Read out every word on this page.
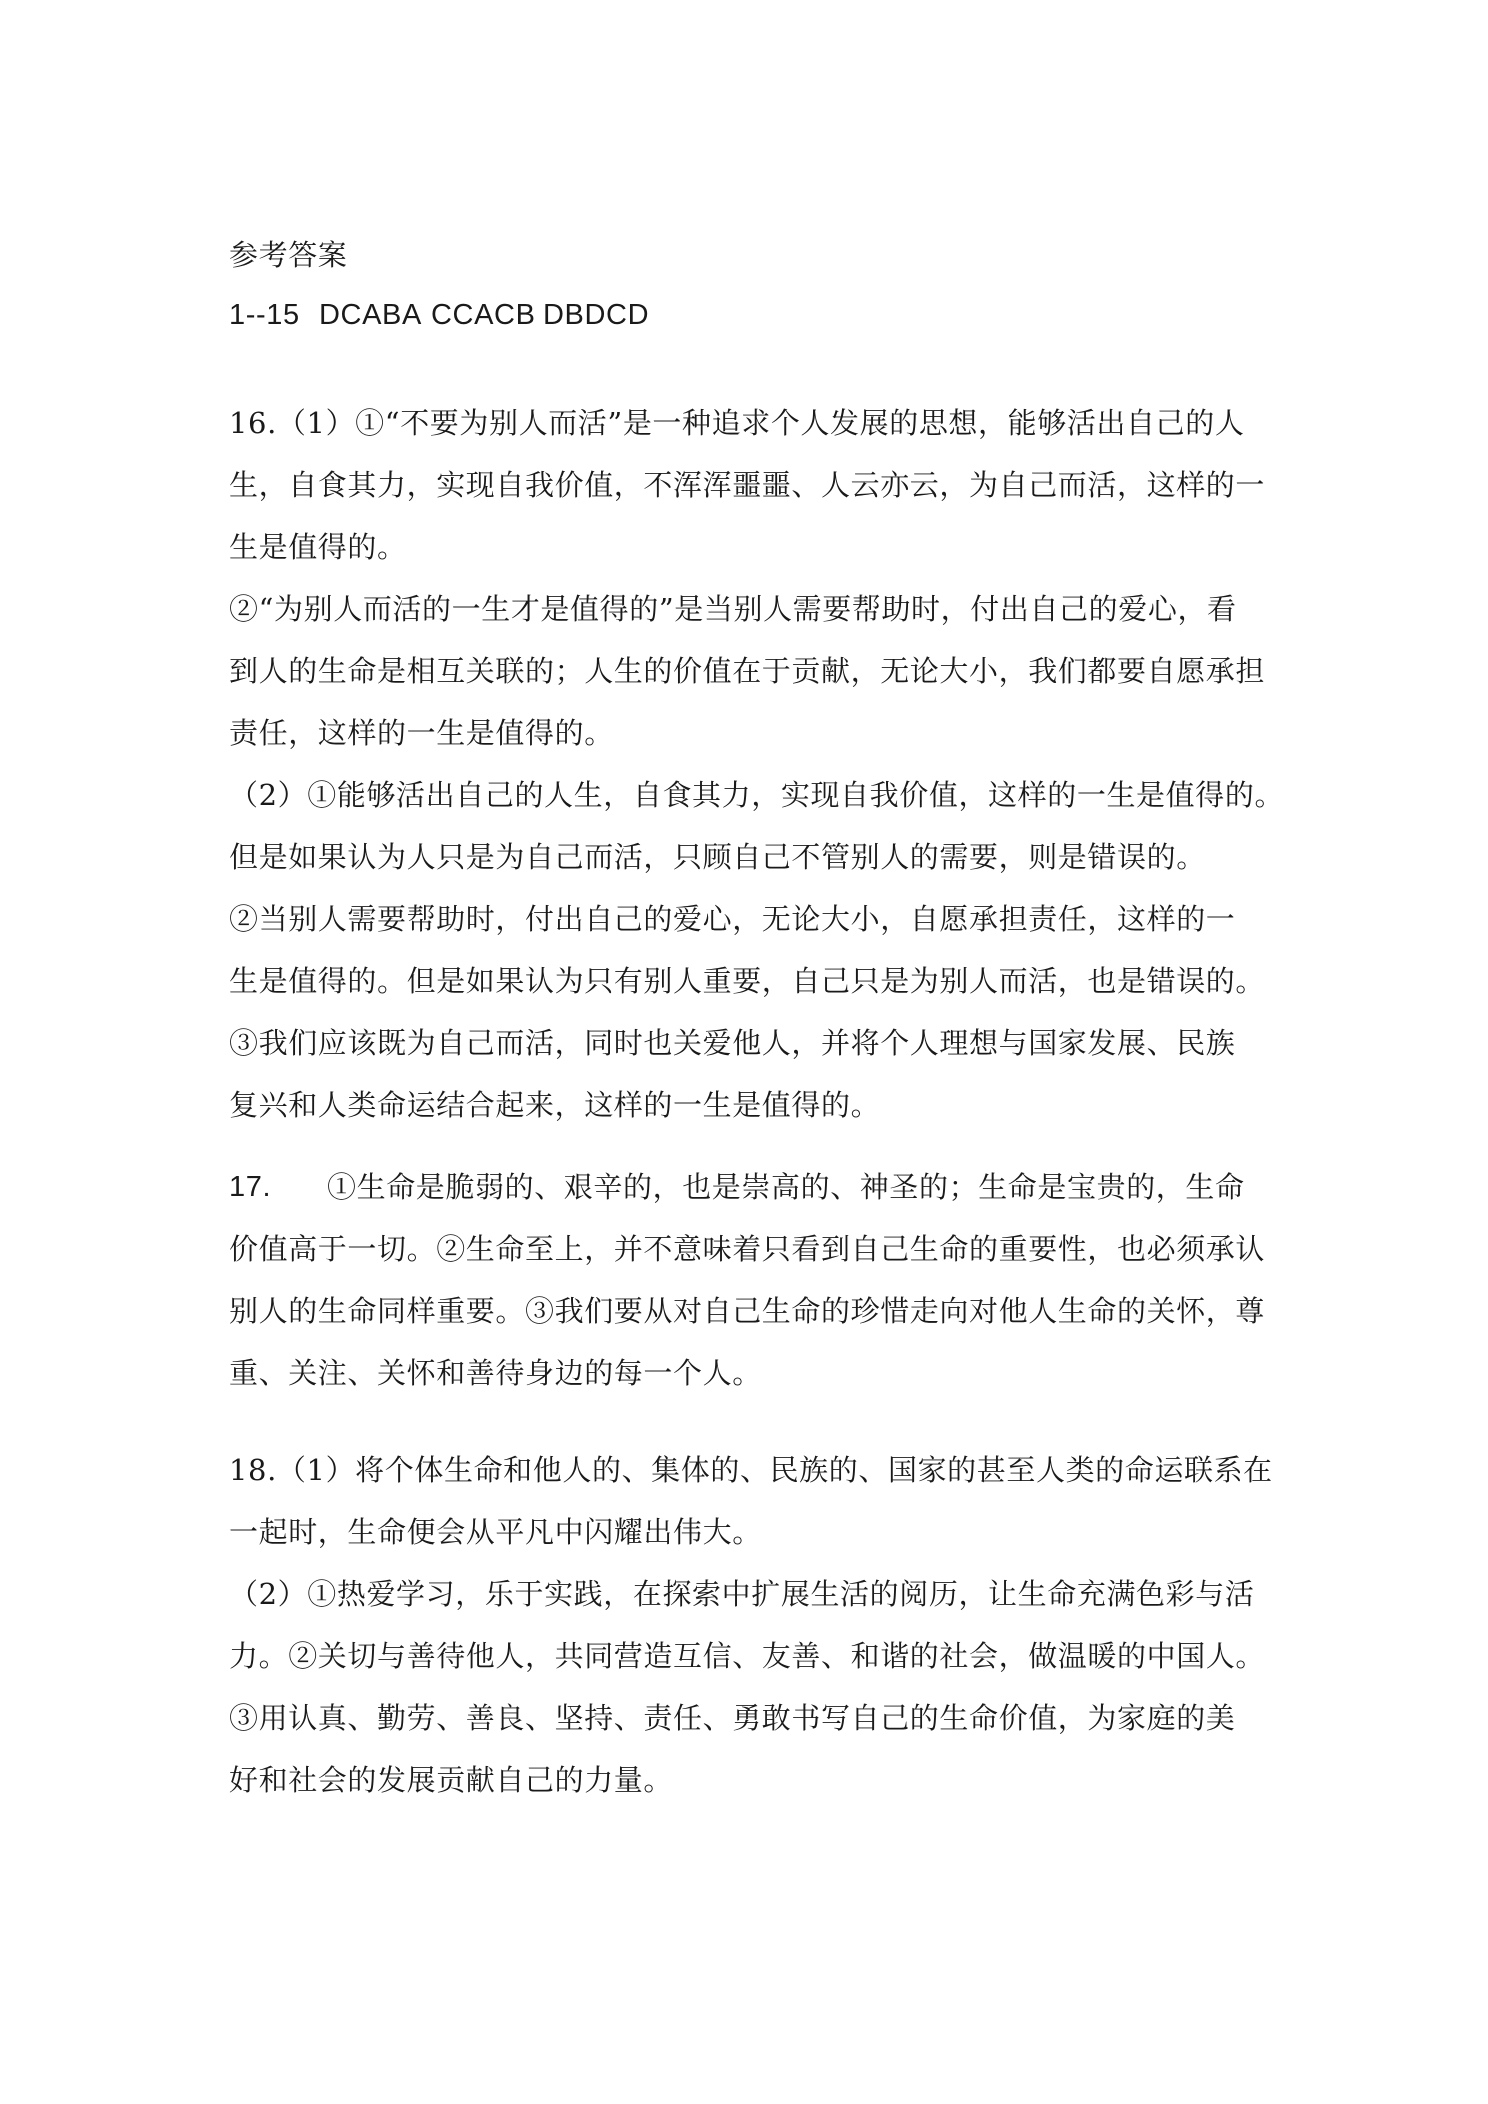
参考答案
1--15 DCABA CCACB DBDCD
16.（1）①“不要为别人而活”是一种追求个人发展的思想，能够活出自己的人
生，自食其力，实现自我价值，不浑浑噩噩、人云亦云，为自己而活，这样的一
生是值得的。
②“为别人而活的一生才是值得的”是当别人需要帮助时，付出自己的爱心，看
到人的生命是相互关联的；人生的价值在于贡献，无论大小，我们都要自愿承担
责任，这样的一生是值得的。
（2）①能够活出自己的人生，自食其力，实现自我价值，这样的一生是值得的。
但是如果认为人只是为自己而活，只顾自己不管别人的需要，则是错误的。
②当别人需要帮助时，付出自己的爱心，无论大小，自愿承担责任，这样的一
生是值得的。但是如果认为只有别人重要，自己只是为别人而活，也是错误的。
③我们应该既为自己而活，同时也关爱他人，并将个人理想与国家发展、民族
复兴和人类命运结合起来，这样的一生是值得的。
17. ①生命是脆弱的、艰辛的，也是崇高的、神圣的；生命是宝贵的，生命
价值高于一切。②生命至上，并不意味着只看到自己生命的重要性，也必须承认
别人的生命同样重要。③我们要从对自己生命的珍惜走向对他人生命的关怀，尊
重、关注、关怀和善待身边的每一个人。
18.（1）将个体生命和他人的、集体的、民族的、国家的甚至人类的命运联系在
一起时，生命便会从平凡中闪耀出伟大。
（2）①热爱学习，乐于实践，在探索中扩展生活的阅历，让生命充满色彩与活
力。②关切与善待他人，共同营造互信、友善、和谐的社会，做温暖的中国人。
③用认真、勤劳、善良、坚持、责任、勇敢书写自己的生命价值，为家庭的美
好和社会的发展贡献自己的力量。
